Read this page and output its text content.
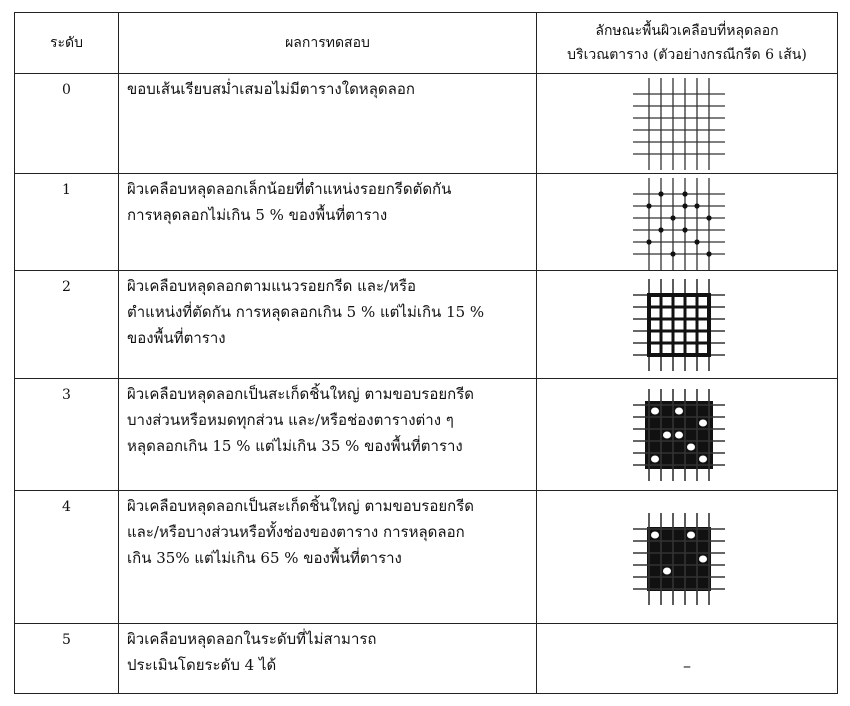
ระดับ	ผลการทดสอบ	ลักษณะพื้นผิวเคลือบที่หลุดลอก
บริเวณตาราง (ตัวอย่างกรณีกรีด 6 เส้น)

0	ขอบเส้นเรียบสม่ำเสมอไม่มีตารางใดหลุดลอก	

1	ผิวเคลือบหลุดลอกเล็กน้อยที่ตำแหน่งรอยกรีดตัดกัน
การหลุดลอกไม่เกิน 5 % ของพื้นที่ตาราง	

2	ผิวเคลือบหลุดลอกตามแนวรอยกรีด และ/หรือ
ตำแหน่งที่ตัดกัน การหลุดลอกเกิน 5 % แต่ไม่เกิน 15 %
ของพื้นที่ตาราง	

3	ผิวเคลือบหลุดลอกเป็นสะเก็ดชิ้นใหญ่ ตามขอบรอยกรีด
บางส่วนหรือหมดทุกส่วน และ/หรือช่องตารางต่าง ๆ
หลุดลอกเกิน 15 % แต่ไม่เกิน 35 % ของพื้นที่ตาราง	

4	ผิวเคลือบหลุดลอกเป็นสะเก็ดชิ้นใหญ่ ตามขอบรอยกรีด
และ/หรือบางส่วนหรือทั้งช่องของตาราง การหลุดลอก
เกิน 35% แต่ไม่เกิน 65 % ของพื้นที่ตาราง	

5	ผิวเคลือบหลุดลอกในระดับที่ไม่สามารถ
ประเมินโดยระดับ 4 ได้	–
